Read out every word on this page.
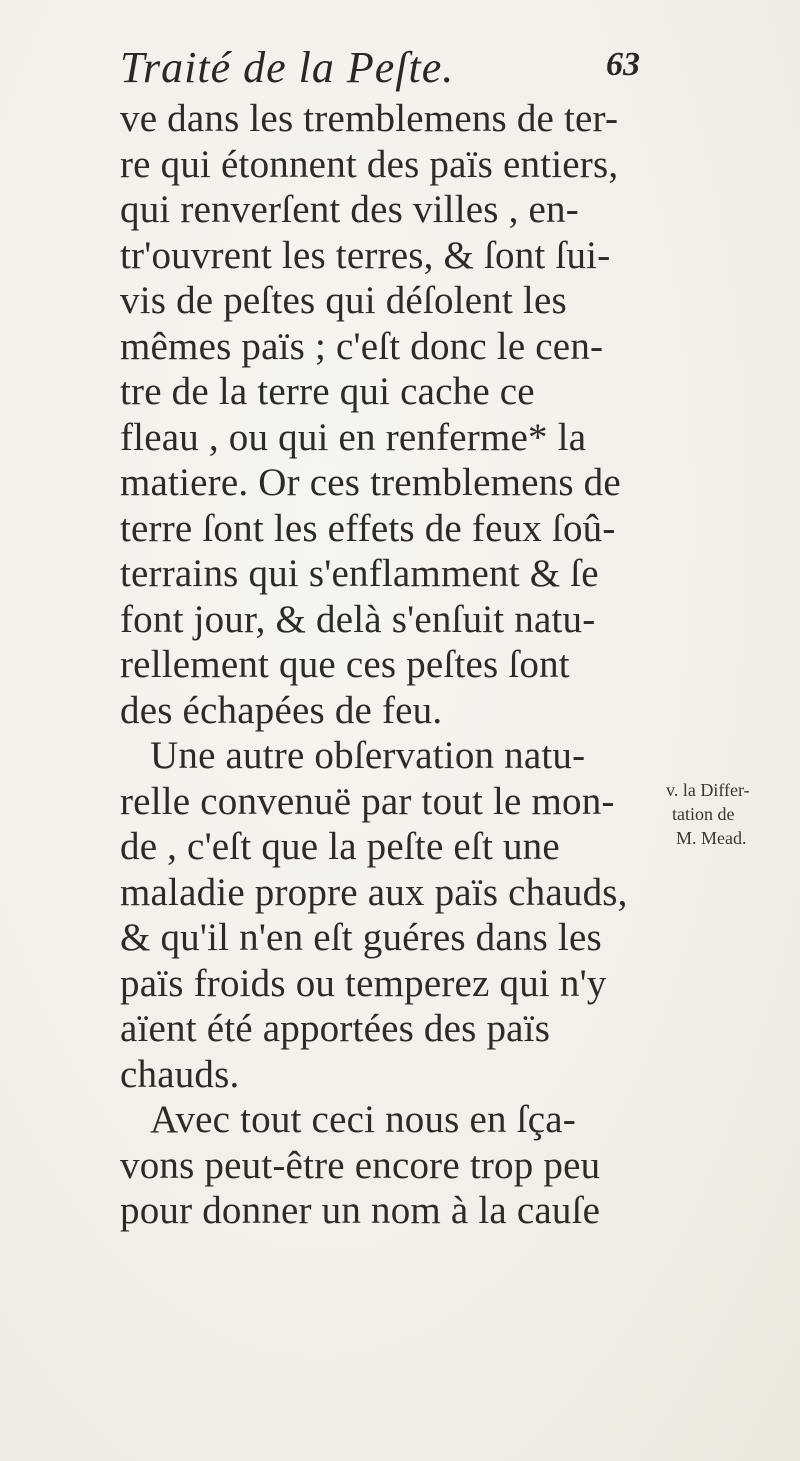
Traité de la Peſte.	63
ve dans les tremblemens de ter-
re qui étonnent des païs entiers,
qui renverſent des villes , en-
tr'ouvrent les terres, & ſont ſui-
vis de peſtes qui déſolent les
mêmes païs ; c'eſt donc le cen-
tre de la terre qui cache ce
fleau , ou qui en renferme* la
matiere. Or ces tremblemens de
terre ſont les effets de feux ſoû-
terrains qui s'enflamment & ſe
font jour, & delà s'enſuit natu-
rellement que ces peſtes ſont
des échapées de feu.
Une autre obſervation natu-
relle convenuë par tout le mon-
de , c'eſt que la peſte eſt une
maladie propre aux païs chauds,
& qu'il n'en eſt guéres dans les
païs froids ou temperez qui n'y
aïent été apportées des païs
chauds.
Avec tout ceci nous en ſça-
vons peut-être encore trop peu
pour donner un nom à la cauſe
v. la Differ-
tation de
M. Mead.
